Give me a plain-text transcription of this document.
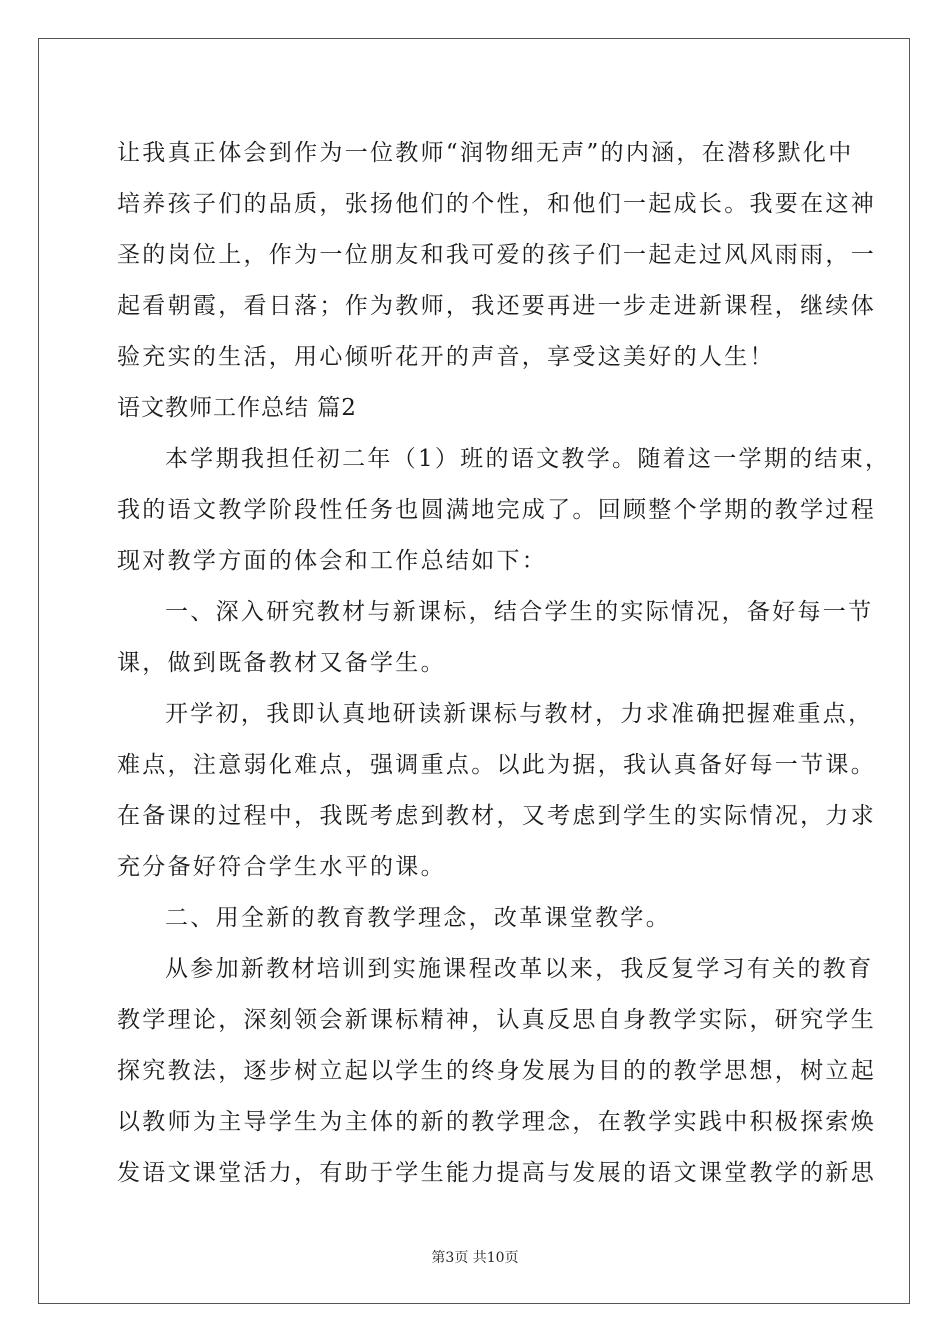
让我真正体会到作为一位教师“润物细无声”的内涵，在潜移默化中
培养孩子们的品质，张扬他们的个性，和他们一起成长。我要在这神
圣的岗位上，作为一位朋友和我可爱的孩子们一起走过风风雨雨，一
起看朝霞，看日落；作为教师，我还要再进一步走进新课程，继续体
验充实的生活，用心倾听花开的声音，享受这美好的人生！
语文教师工作总结 篇2
本学期我担任初二年（1）班的语文教学。随着这一学期的结束，
我的语文教学阶段性任务也圆满地完成了。回顾整个学期的教学过程
现对教学方面的体会和工作总结如下：
一、深入研究教材与新课标，结合学生的实际情况，备好每一节
课，做到既备教材又备学生。
开学初，我即认真地研读新课标与教材，力求准确把握难重点，
难点，注意弱化难点，强调重点。以此为据，我认真备好每一节课。
在备课的过程中，我既考虑到教材，又考虑到学生的实际情况，力求
充分备好符合学生水平的课。
二、用全新的教育教学理念，改革课堂教学。
从参加新教材培训到实施课程改革以来，我反复学习有关的教育
教学理论，深刻领会新课标精神，认真反思自身教学实际，研究学生
探究教法，逐步树立起以学生的终身发展为目的的教学思想，树立起
以教师为主导学生为主体的新的教学理念，在教学实践中积极探索焕
发语文课堂活力，有助于学生能力提高与发展的语文课堂教学的新思
第3页 共10页
